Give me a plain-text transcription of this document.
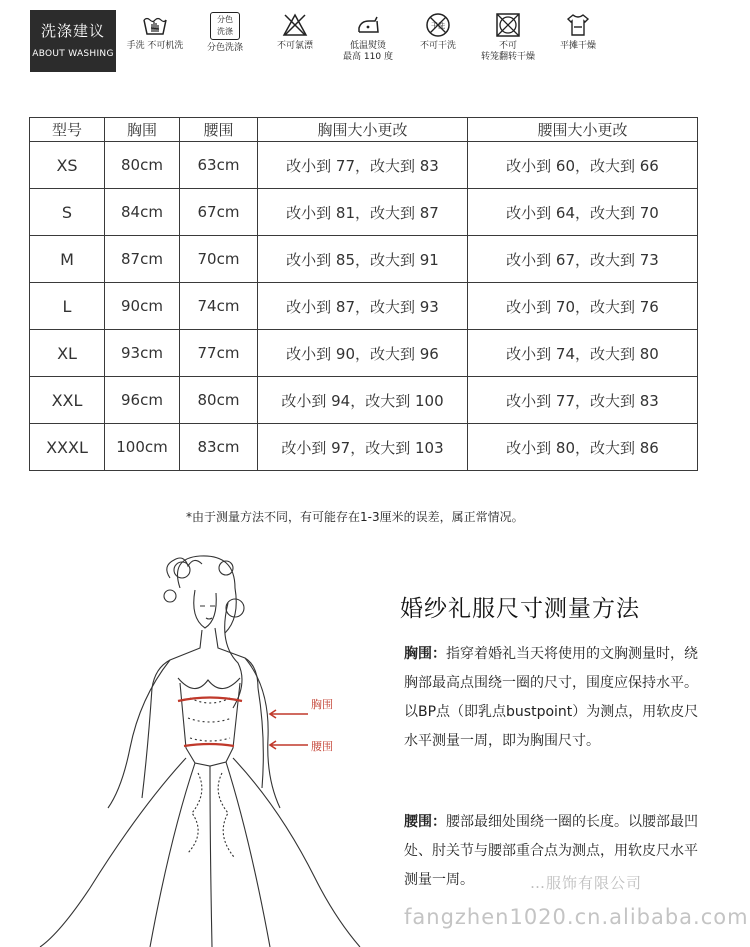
洗涤建议
ABOUT WASHING
手洗 不可机洗
分色
洗涤
分色洗涤	不可氯漂	低温熨烫
最高 110 度
干洗
不可干洗	不可
转笼翻转干燥
平摊干燥
型号	胸围	腰围	胸围大小更改	腰围大小更改
XS	80cm	63cm	改小到 77，改大到 83	改小到 60，改大到 66
S	84cm	67cm	改小到 81，改大到 87	改小到 64，改大到 70
M	87cm	70cm	改小到 85，改大到 91	改小到 67，改大到 73
L	90cm	74cm	改小到 87，改大到 93	改小到 70，改大到 76
XL	93cm	77cm	改小到 90，改大到 96	改小到 74，改大到 80
XXL	96cm	80cm	改小到 94，改大到 100	改小到 77，改大到 83
XXXL	100cm	83cm	改小到 97，改大到 103	改小到 80，改大到 86
*由于测量方法不同，有可能存在1-3厘米的误差，属正常情况。
胸围
腰围
婚纱礼服尺寸测量方法
胸围：指穿着婚礼当天将使用的文胸测量时，绕胸部最高点围绕一圈的尺寸，围度应保持水平。以BP点（即乳点bustpoint）为测点，用软皮尺水平测量一周，即为胸围尺寸。
腰围：腰部最细处围绕一圈的长度。以腰部最凹处、肘关节与腰部重合点为测点，用软皮尺水平测量一周。	…服饰有限公司
fangzhen1020.cn.alibaba.com
